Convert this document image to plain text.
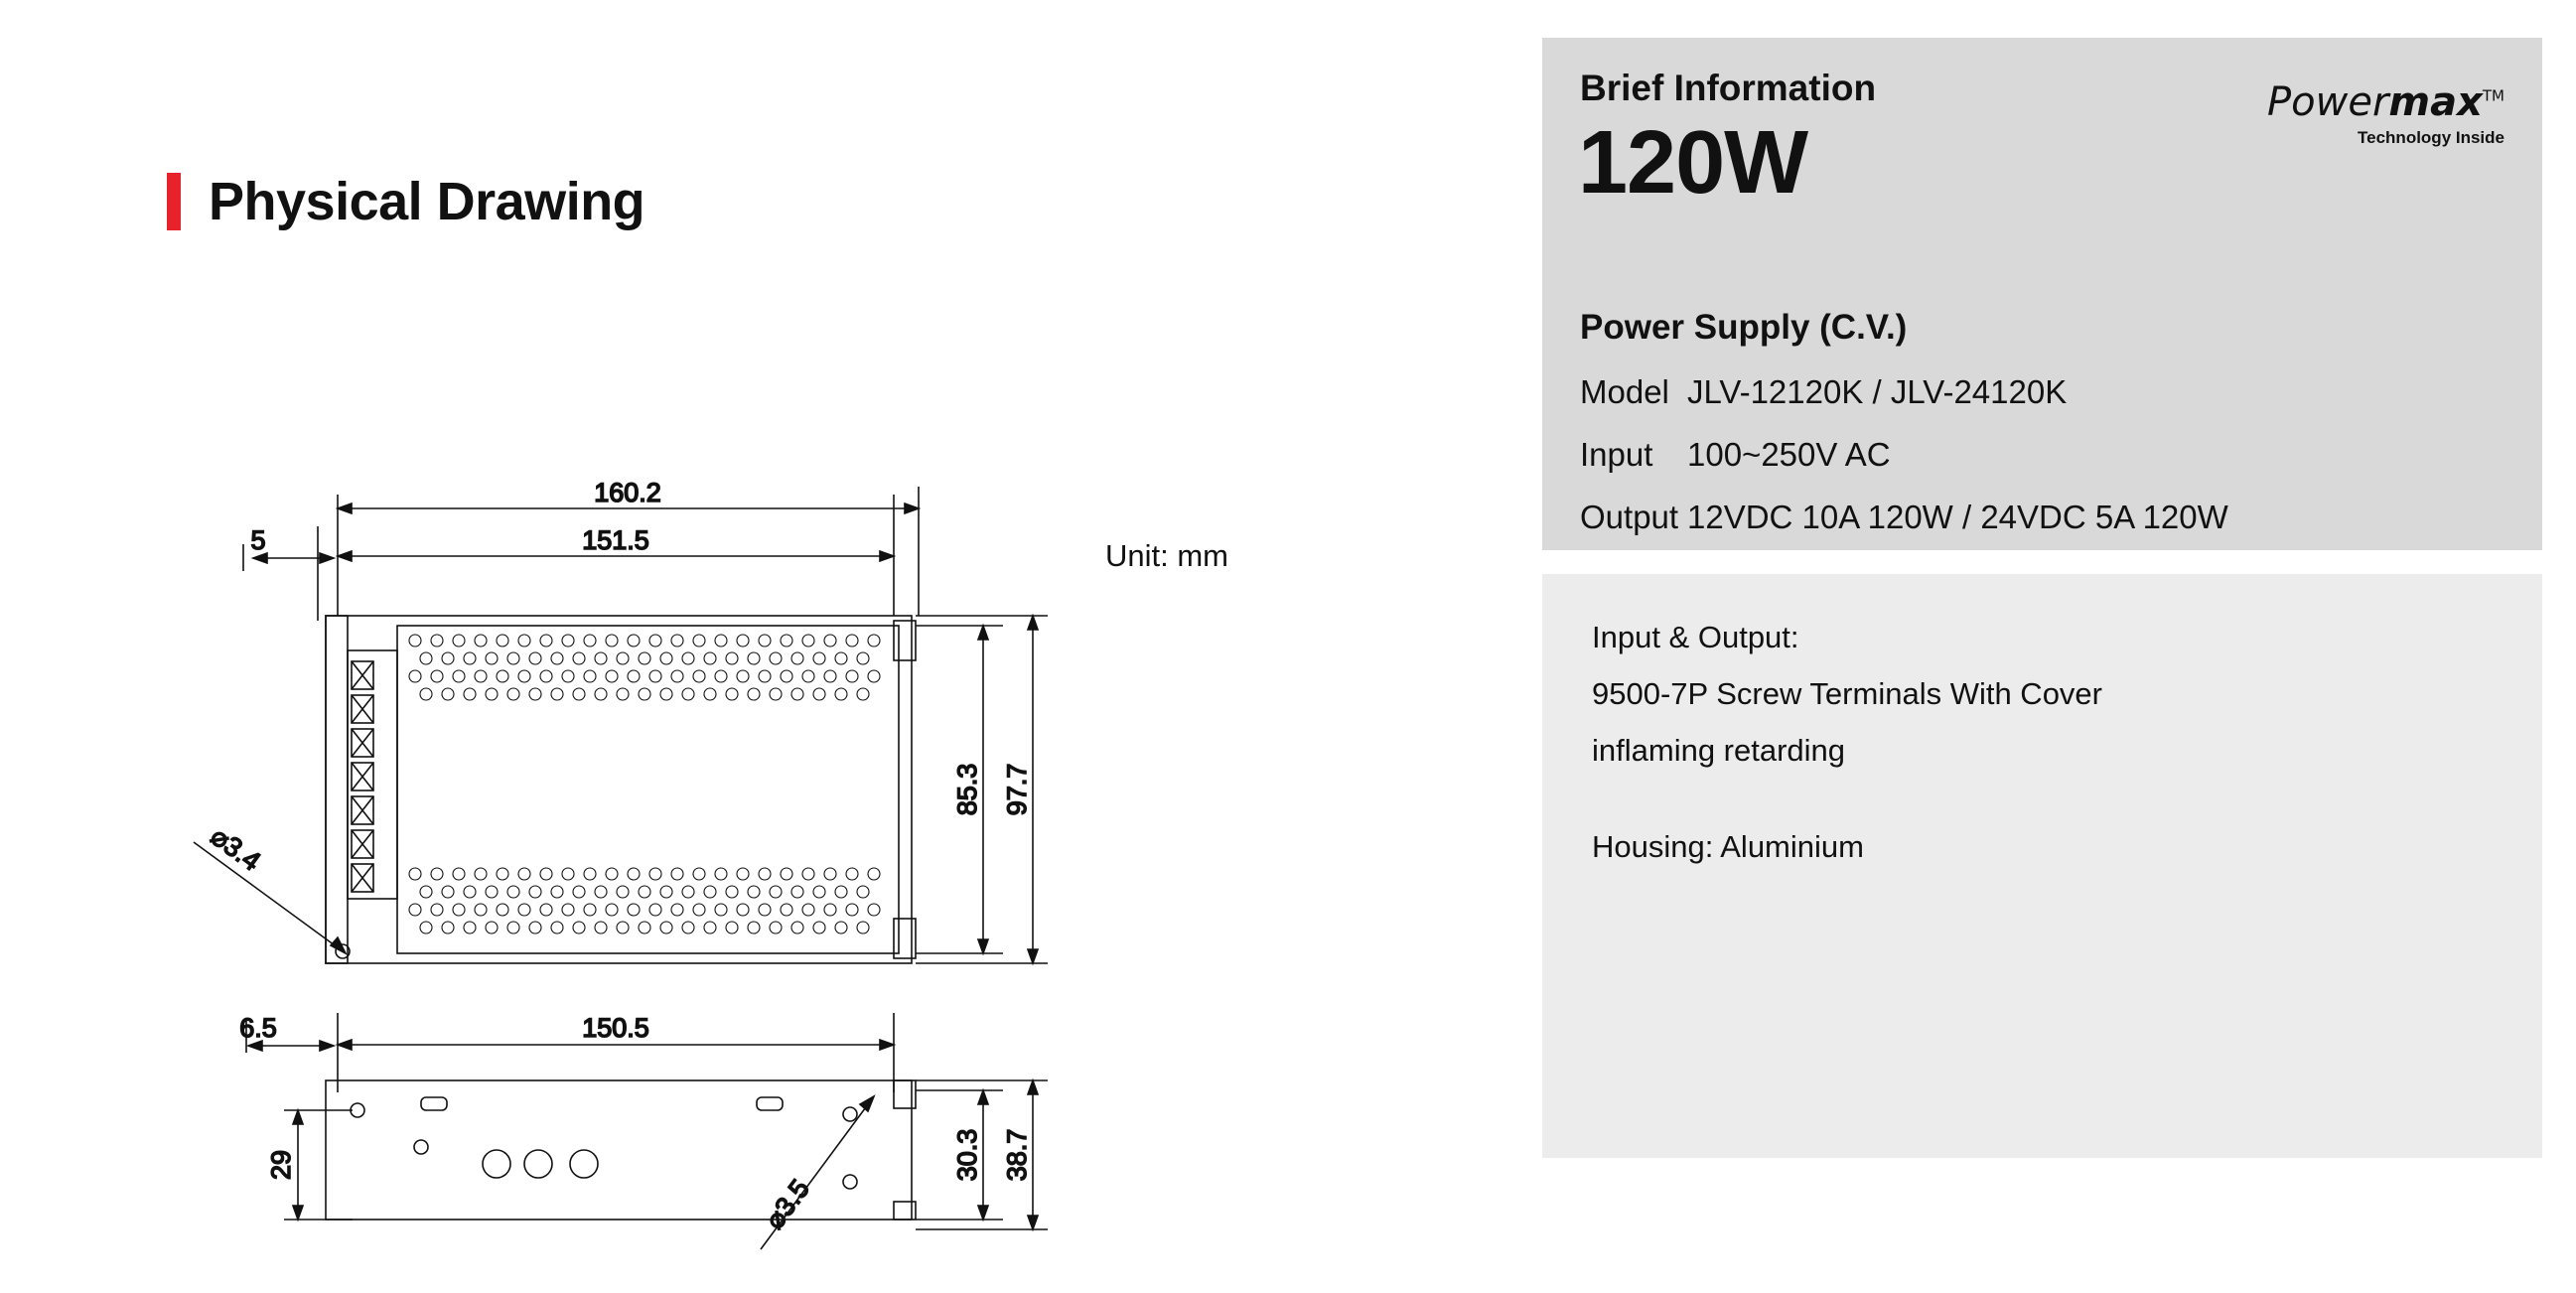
Physical Drawing
Unit: mm
160.2
151.5
5
85.3 97.7
⌀​3.4
150.5
6.5
29	30.3 38.7
⌀​3.5
Brief Information	Powermax™
Technology Inside
120W
Power Supply (C.V.)
Model JLV-12120K / JLV-24120K
Input 100~250V AC
Output 12VDC 10A 120W / 24VDC 5A 120W
Input & Output:
9500-7P Screw Terminals With Cover
inflaming retarding
Housing: Aluminium
